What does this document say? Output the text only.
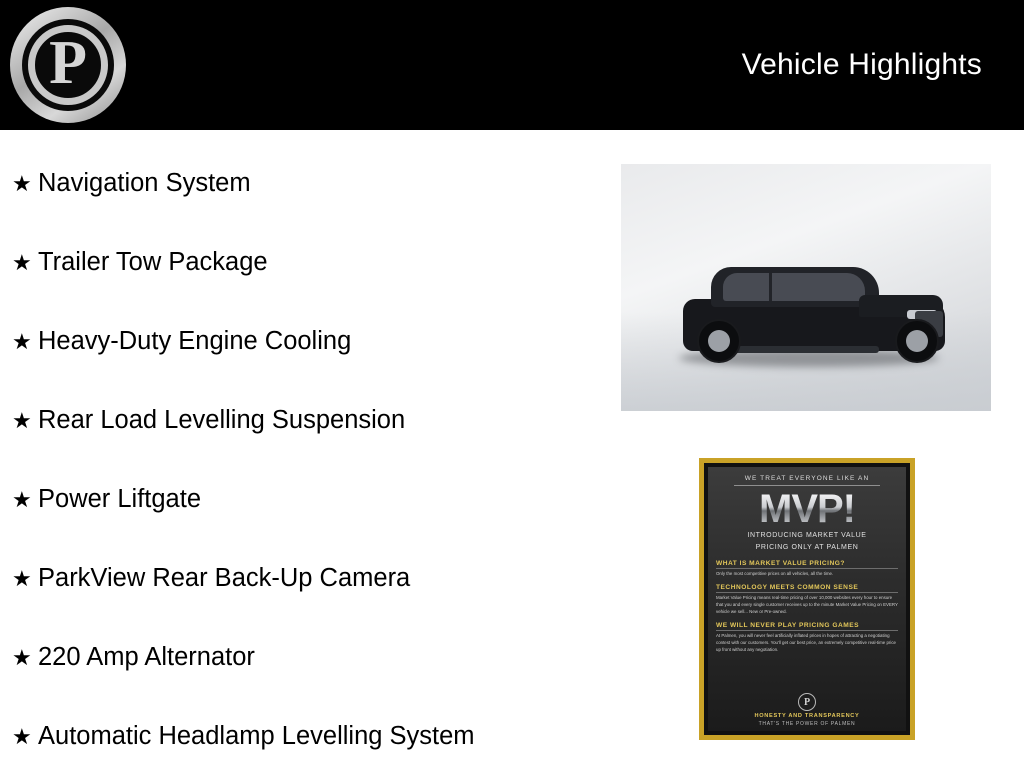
P	Vehicle Highlights
★ Navigation System
★ Trailer Tow Package
★ Heavy-Duty Engine Cooling
★ Rear Load Levelling Suspension
★ Power Liftgate
★ ParkView Rear Back-Up Camera
★ 220 Amp Alternator
★ Automatic Headlamp Levelling System
WE TREAT EVERYONE LIKE AN
MVP!
INTRODUCING MARKET VALUE
PRICING ONLY AT PALMEN
WHAT IS MARKET VALUE PRICING?
Only the most competitive prices on all vehicles, all the time.
TECHNOLOGY MEETS COMMON SENSE
Market Value Pricing means real-time pricing of over 10,000 websites every hour to ensure that you and every single customer receives up to the minute Market Value Pricing on EVERY vehicle we sell... New or Pre-owned.
WE WILL NEVER PLAY PRICING GAMES
At Palmen, you will never feel artificially inflated prices in hopes of attracting a negotiating contest with our customers. You'll get our best price, an extremely competitive real-time price up front without any negotiation.
P
HONESTY AND TRANSPARENCY
THAT'S THE POWER OF PALMEN
